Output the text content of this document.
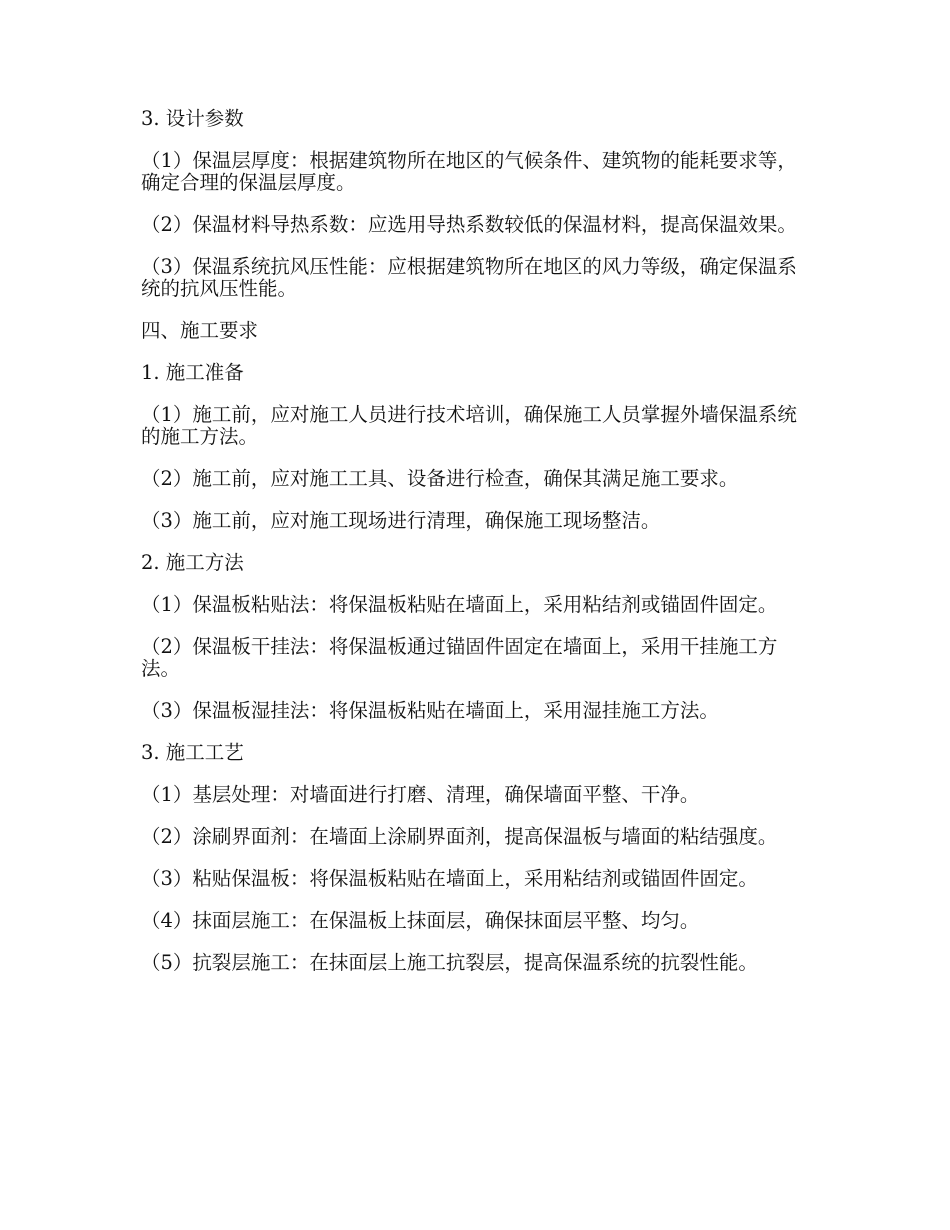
3. 设计参数

（1）保温层厚度：根据建筑物所在地区的气候条件、建筑物的能耗要求等，确定合理的保温层厚度。

（2）保温材料导热系数：应选用导热系数较低的保温材料，提高保温效果。

（3）保温系统抗风压性能：应根据建筑物所在地区的风力等级，确定保温系统的抗风压性能。

四、施工要求

1. 施工准备

（1）施工前，应对施工人员进行技术培训，确保施工人员掌握外墙保温系统的施工方法。

（2）施工前，应对施工工具、设备进行检查，确保其满足施工要求。

（3）施工前，应对施工现场进行清理，确保施工现场整洁。

2. 施工方法

（1）保温板粘贴法：将保温板粘贴在墙面上，采用粘结剂或锚固件固定。

（2）保温板干挂法：将保温板通过锚固件固定在墙面上，采用干挂施工方法。

（3）保温板湿挂法：将保温板粘贴在墙面上，采用湿挂施工方法。

3. 施工工艺

（1）基层处理：对墙面进行打磨、清理，确保墙面平整、干净。

（2）涂刷界面剂：在墙面上涂刷界面剂，提高保温板与墙面的粘结强度。

（3）粘贴保温板：将保温板粘贴在墙面上，采用粘结剂或锚固件固定。

（4）抹面层施工：在保温板上抹面层，确保抹面层平整、均匀。

（5）抗裂层施工：在抹面层上施工抗裂层，提高保温系统的抗裂性能。
